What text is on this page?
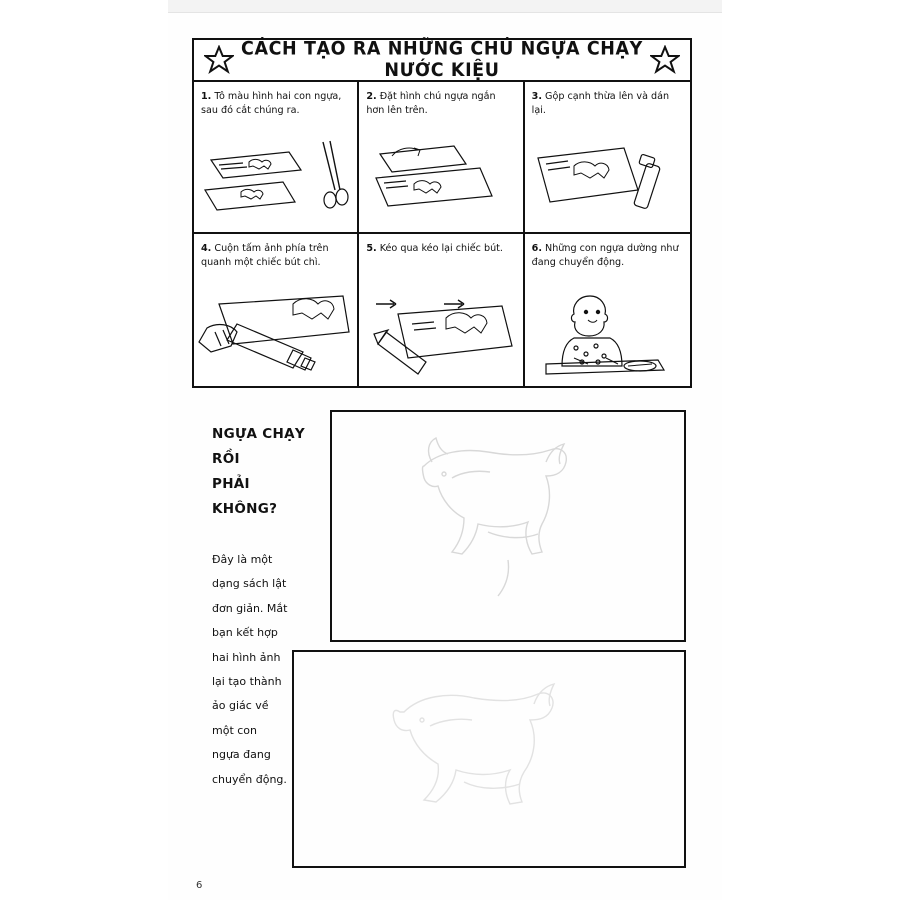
CÁCH TẠO RA NHỮNG CHÚ NGỰA CHẠY NƯỚC KIỆU
1. Tô màu hình hai con ngựa, sau đó cắt chúng ra.
2. Đặt hình chú ngựa ngắn hơn lên trên.
3. Gộp cạnh thừa lên và dán lại.
4. Cuộn tấm ảnh phía trên quanh một chiếc bút chì.
5. Kéo qua kéo lại chiếc bút.	6. Những con ngựa dường như đang chuyển động.
NGỰA CHẠY RỒI
PHẢI KHÔNG?
Đây là một
dạng sách lật
đơn giản. Mắt
bạn kết hợp
hai hình ảnh
lại tạo thành
ảo giác về
một con
ngựa đang
chuyển động.
6
